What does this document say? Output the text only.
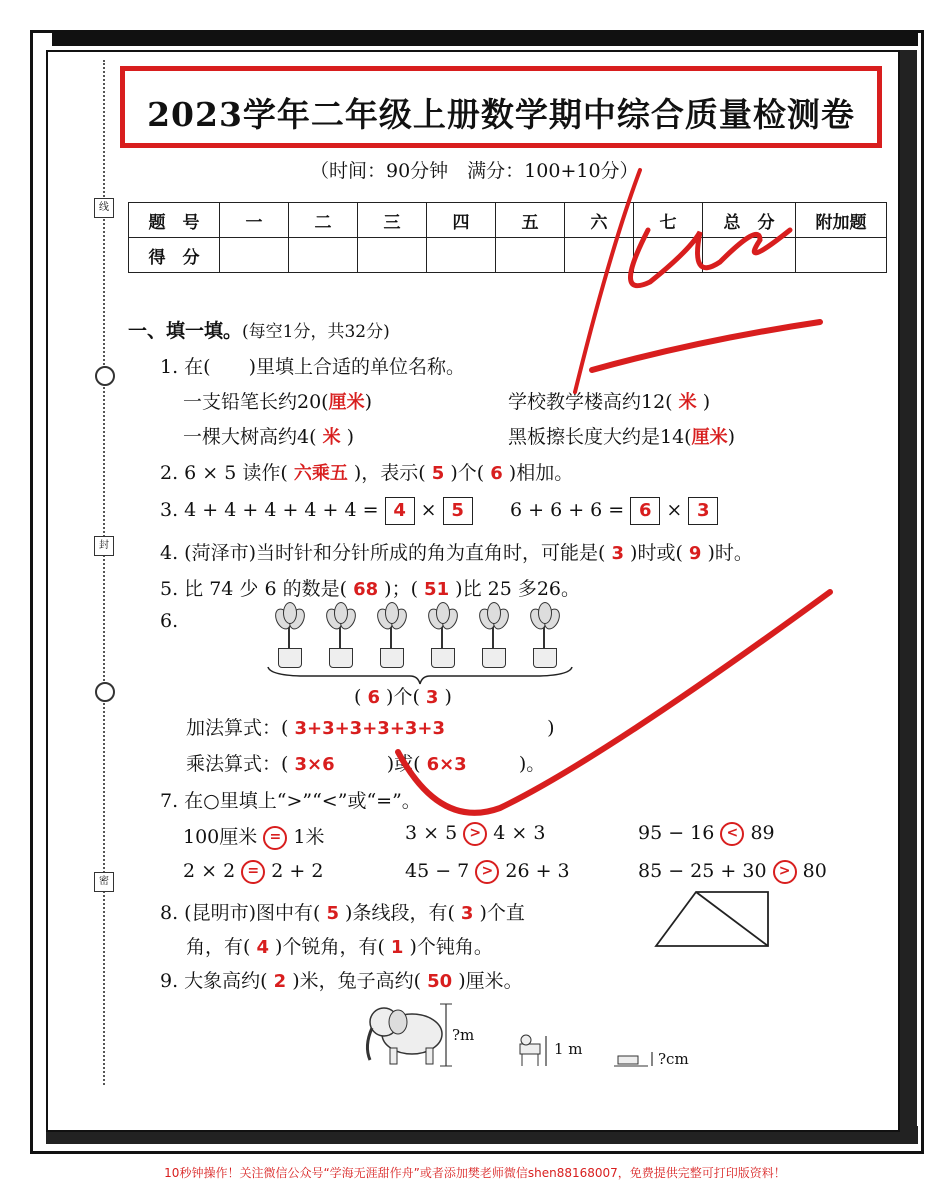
线
封
密
2023学年二年级上册数学期中综合质量检测卷
（时间：90分钟　满分：100+10分）
题　号	一	二	三	四	五	六	七	总　分	附加题
得　分									
一、填一填。(每空1分，共32分)
1. 在(　　)里填上合适的单位名称。
一支铅笔长约20(厘米)	学校教学楼高约12( 米 )
一棵大树高约4( 米 )	黑板擦长度大约是14(厘米)
2. 6 × 5 读作( 六乘五 )，表示( 5 )个( 6 )相加。
3. 4 + 4 + 4 + 4 + 4 = 4 × 5	6 + 6 + 6 = 6 × 3
4. (菏泽市)当时针和分针所成的角为直角时，可能是( 3 )时或( 9 )时。
5. 比 74 少 6 的数是( 68 )；( 51 )比 25 多26。
6.
( 6 )个( 3 )
加法算式：( 3+3+3+3+3+3	)
乘法算式：( 3×6	)或( 6×3	)。
7. 在○里填上“>”“<”或“=”。
100厘米 = 1米	3 × 5 > 4 × 3	95 − 16 < 89
2 × 2 = 2 + 2	45 − 7 > 26 + 3	85 − 25 + 30 > 80
8. (昆明市)图中有( 5 )条线段，有( 3 )个直
角，有( 4 )个锐角，有( 1 )个钝角。
9. 大象高约( 2 )米，兔子高约( 50 )厘米。
?m
1 m
?cm
10秒钟操作！关注微信公众号“学海无涯甜作舟”或者添加樊老师微信shen88168007，免费提供完整可打印版资料！
